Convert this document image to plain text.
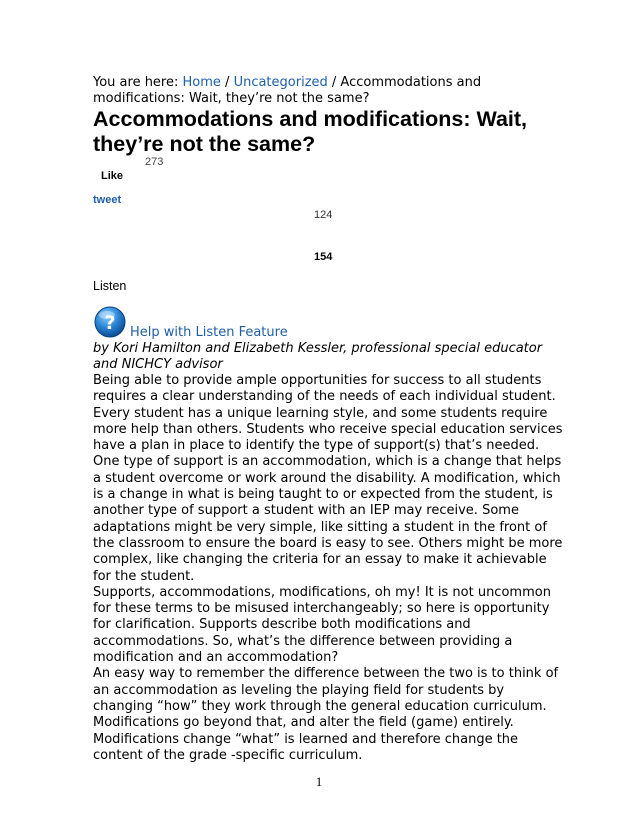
You are here: Home / Uncategorized / Accommodations and modifications: Wait, they’re not the same?
Accommodations and modifications: Wait, they’re not the same?
273
Like
tweet
124
154
Listen
? Help with Listen Feature
by Kori Hamilton and Elizabeth Kessler, professional special educator and NICHCY advisor

Being able to provide ample opportunities for success to all students requires a clear understanding of the needs of each individual student. Every student has a unique learning style, and some students require more help than others. Students who receive special education services have a plan in place to identify the type of support(s) that’s needed.

One type of support is an accommodation, which is a change that helps a student overcome or work around the disability. A modification, which is a change in what is being taught to or expected from the student, is another type of support a student with an IEP may receive. Some adaptations might be very simple, like sitting a student in the front of the classroom to ensure the board is easy to see. Others might be more complex, like changing the criteria for an essay to make it achievable for the student.

Supports, accommodations, modifications, oh my! It is not uncommon for these terms to be misused interchangeably; so here is opportunity for clarification. Supports describe both modifications and accommodations. So, what’s the difference between providing a modification and an accommodation?

An easy way to remember the difference between the two is to think of an accommodation as leveling the playing field for students by changing “how” they work through the general education curriculum. Modifications go beyond that, and alter the field (game) entirely. Modifications change “what” is learned and therefore change the content of the grade -specific curriculum.

1
